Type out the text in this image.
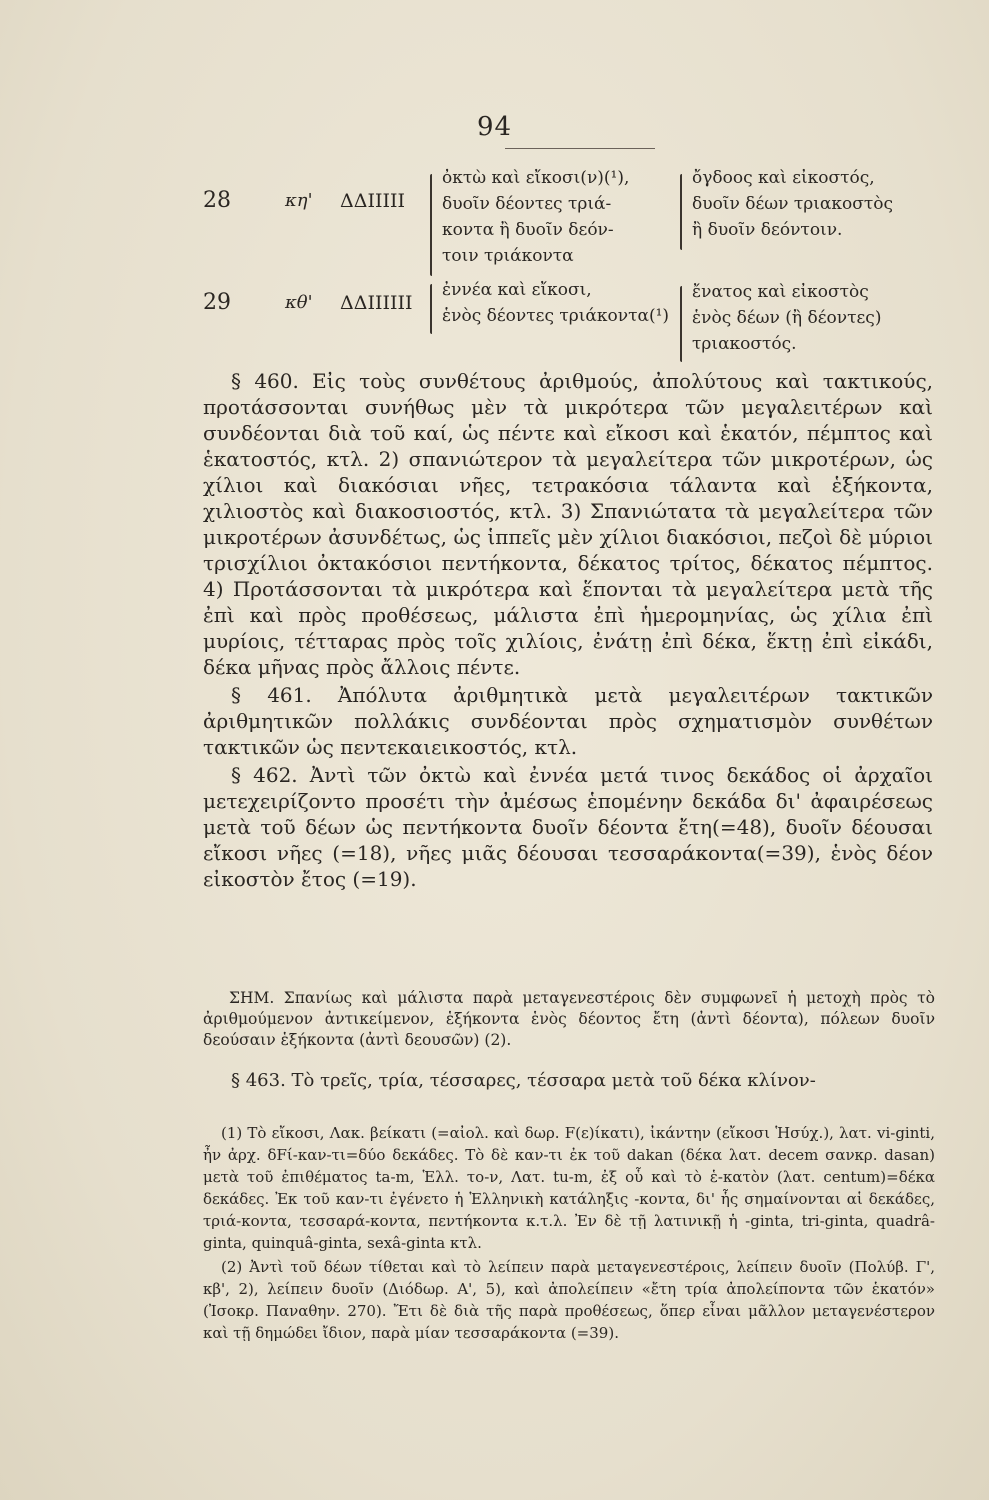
94
28	κη' ΔΔΙΙΙΙΙ
ὀκτὼ καὶ εἴκοσι(ν)(¹),
δυοῖν δέοντες τριά-
κοντα ἢ δυοῖν δεόν-
τοιν τριάκοντα
ὄγδοος καὶ εἰκοστός,
δυοῖν δέων τριακοστὸς
ἢ δυοῖν δεόντοιν.
29	κθ' ΔΔΙΙΙΙΙΙ
ἐννέα καὶ εἴκοσι,
ἑνὸς δέοντες τριάκοντα(¹)
ἔνατος καὶ εἰκοστὸς
ἑνὸς δέων (ἢ δέοντες)
τριακοστός.

§ 460. Εἰς τοὺς συνθέτους ἀριθμούς, ἀπολύτους καὶ τακτικούς, προτάσσονται συνήθως μὲν τὰ μικρότερα τῶν μεγαλειτέρων καὶ συνδέονται διὰ τοῦ καί, ὡς πέντε καὶ εἴκοσι καὶ ἑκατόν, πέμπτος καὶ ἑκατοστός, κτλ. 2) σπανιώτερον τὰ μεγαλείτερα τῶν μικροτέρων, ὡς χίλιοι καὶ διακόσιαι νῆες, τετρακόσια τάλαντα καὶ ἑξήκοντα, χιλιοστὸς καὶ διακοσιοστός, κτλ. 3) Σπανιώτατα τὰ μεγαλείτερα τῶν μικροτέρων ἀσυνδέτως, ὡς ἱππεῖς μὲν χίλιοι διακόσιοι, πεζοὶ δὲ μύριοι τρισχίλιοι ὀκτακόσιοι πεντήκοντα, δέκατος τρίτος, δέκατος πέμπτος. 4) Προτάσσονται τὰ μικρότερα καὶ ἕπονται τὰ μεγαλείτερα μετὰ τῆς ἐπὶ καὶ πρὸς προθέσεως, μάλιστα ἐπὶ ἡμερομηνίας, ὡς χίλια ἐπὶ μυρίοις, τέτταρας πρὸς τοῖς χιλίοις, ἐνάτῃ ἐπὶ δέκα, ἕκτῃ ἐπὶ εἰκάδι, δέκα μῆνας πρὸς ἄλλοις πέντε.

§ 461. Ἀπόλυτα ἀριθμητικὰ μετὰ μεγαλειτέρων τακτικῶν ἀριθμητικῶν πολλάκις συνδέονται πρὸς σχηματισμὸν συνθέτων τακτικῶν ὡς πεντεκαιεικοστός, κτλ.

§ 462. Ἀντὶ τῶν ὀκτὼ καὶ ἐννέα μετά τινος δεκάδος οἱ ἀρχαῖοι μετεχειρίζοντο προσέτι τὴν ἀμέσως ἑπομένην δεκάδα δι' ἀφαιρέσεως μετὰ τοῦ δέων ὡς πεντήκοντα δυοῖν δέοντα ἔτη(=48), δυοῖν δέουσαι εἴκοσι νῆες (=18), νῆες μιᾶς δέουσαι τεσσαράκοντα(=39), ἑνὸς δέον εἰκοστὸν ἔτος (=19).

ΣΗΜ. Σπανίως καὶ μάλιστα παρὰ μεταγενεστέροις δὲν συμφωνεῖ ἡ μετοχὴ πρὸς τὸ ἀριθμούμενον ἀντικείμενον, ἑξήκοντα ἑνὸς δέοντος ἔτη (ἀντὶ δέοντα), πόλεων δυοῖν δεούσαιν ἑξήκοντα (ἀντὶ δεουσῶν) (2).

§ 463. Τὸ τρεῖς, τρία, τέσσαρες, τέσσαρα μετὰ τοῦ δέκα κλίνον-

(1) Τὸ εἴκοσι, Λακ. βείκατι (=αἰολ. καὶ δωρ. F(ε)ίκατι), ἰκάντην (εἴκοσι Ἡσύχ.), λατ. vi-ginti, ἦν ἀρχ. δFί-καν-τι=δύο δεκάδες. Τὸ δὲ καν-τι ἐκ τοῦ dakan (δέκα λατ. decem σανκρ. dasan) μετὰ τοῦ ἐπιθέματος ta-m, Ἑλλ. το-ν, Λατ. tu-m, ἐξ οὗ καὶ τὸ ἑ-κατὸν (λατ. centum)=δέκα δεκάδες. Ἐκ τοῦ καν-τι ἐγένετο ἡ Ἑλληνικὴ κατάληξις -κοντα, δι' ἧς σημαίνονται αἱ δεκάδες, τριά-κοντα, τεσσαρά-κοντα, πεντήκοντα κ.τ.λ. Ἐν δὲ τῇ λατινικῇ ἡ -ginta, tri-ginta, quadrâ-ginta, quinquâ-ginta, sexâ-ginta κτλ.

(2) Ἀντὶ τοῦ δέων τίθεται καὶ τὸ λείπειν παρὰ μεταγενεστέροις, λείπειν δυοῖν (Πολύβ. Γ', κβ', 2), λείπειν δυοῖν (Διόδωρ. Α', 5), καὶ ἀπολείπειν «ἔτη τρία ἀπολείποντα τῶν ἑκατόν» (Ἰσοκρ. Παναθην. 270). Ἔτι δὲ διὰ τῆς παρὰ προθέσεως, ὅπερ εἶναι μᾶλλον μεταγενέστερον καὶ τῇ δημώδει ἴδιον, παρὰ μίαν τεσσαράκοντα (=39).
